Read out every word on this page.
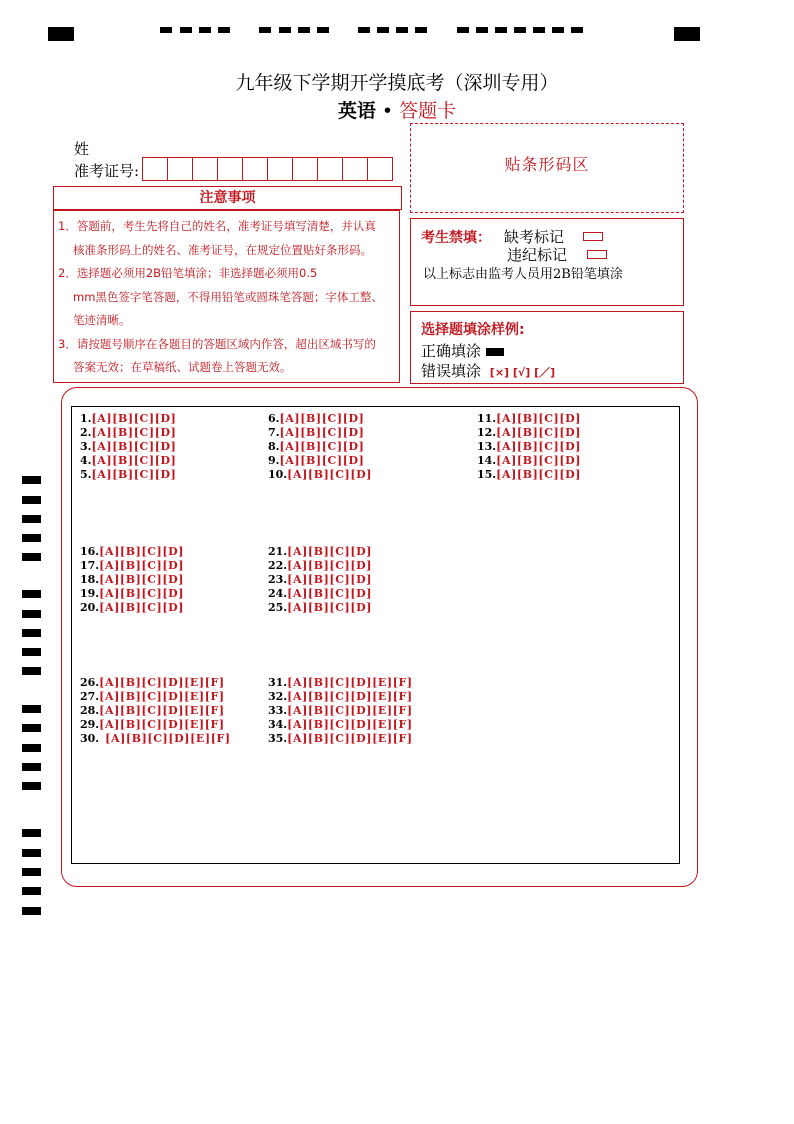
九年级下学期开学摸底考（深圳专用）
英语 • 答题卡
姓
准考证号:
注意事项
1．答题前，考生先将自己的姓名，准考证号填写清楚，并认真
核准条形码上的姓名、准考证号，在规定位置贴好条形码。
2．选择题必须用2B铅笔填涂；非选择题必须用0.5
mm黑色签字笔答题，不得用铅笔或圆珠笔答题；字体工整、
笔迹清晰。
3．请按题号顺序在各题目的答题区域内作答，超出区域书写的
答案无效；在草稿纸、试题卷上答题无效。
贴条形码区
考生禁填： 缺考标记
违纪标记
以上标志由监考人员用2B铅笔填涂
选择题填涂样例:
正确填涂
错误填涂 [×] [√] [／]
1.[A][B][C][D]
2.[A][B][C][D]
3.[A][B][C][D]
4.[A][B][C][D]
5.[A][B][C][D]
6.[A][B][C][D]
7.[A][B][C][D]
8.[A][B][C][D]
9.[A][B][C][D]
10.[A][B][C][D]
11.[A][B][C][D]
12.[A][B][C][D]
13.[A][B][C][D]
14.[A][B][C][D]
15.[A][B][C][D]
16.[A][B][C][D]
17.[A][B][C][D]
18.[A][B][C][D]
19.[A][B][C][D]
20.[A][B][C][D]
21.[A][B][C][D]
22.[A][B][C][D]
23.[A][B][C][D]
24.[A][B][C][D]
25.[A][B][C][D]
26.[A][B][C][D][E][F]
27.[A][B][C][D][E][F]
28.[A][B][C][D][E][F]
29.[A][B][C][D][E][F]
30. [A][B][C][D][E][F]
31.[A][B][C][D][E][F]
32.[A][B][C][D][E][F]
33.[A][B][C][D][E][F]
34.[A][B][C][D][E][F]
35.[A][B][C][D][E][F]
